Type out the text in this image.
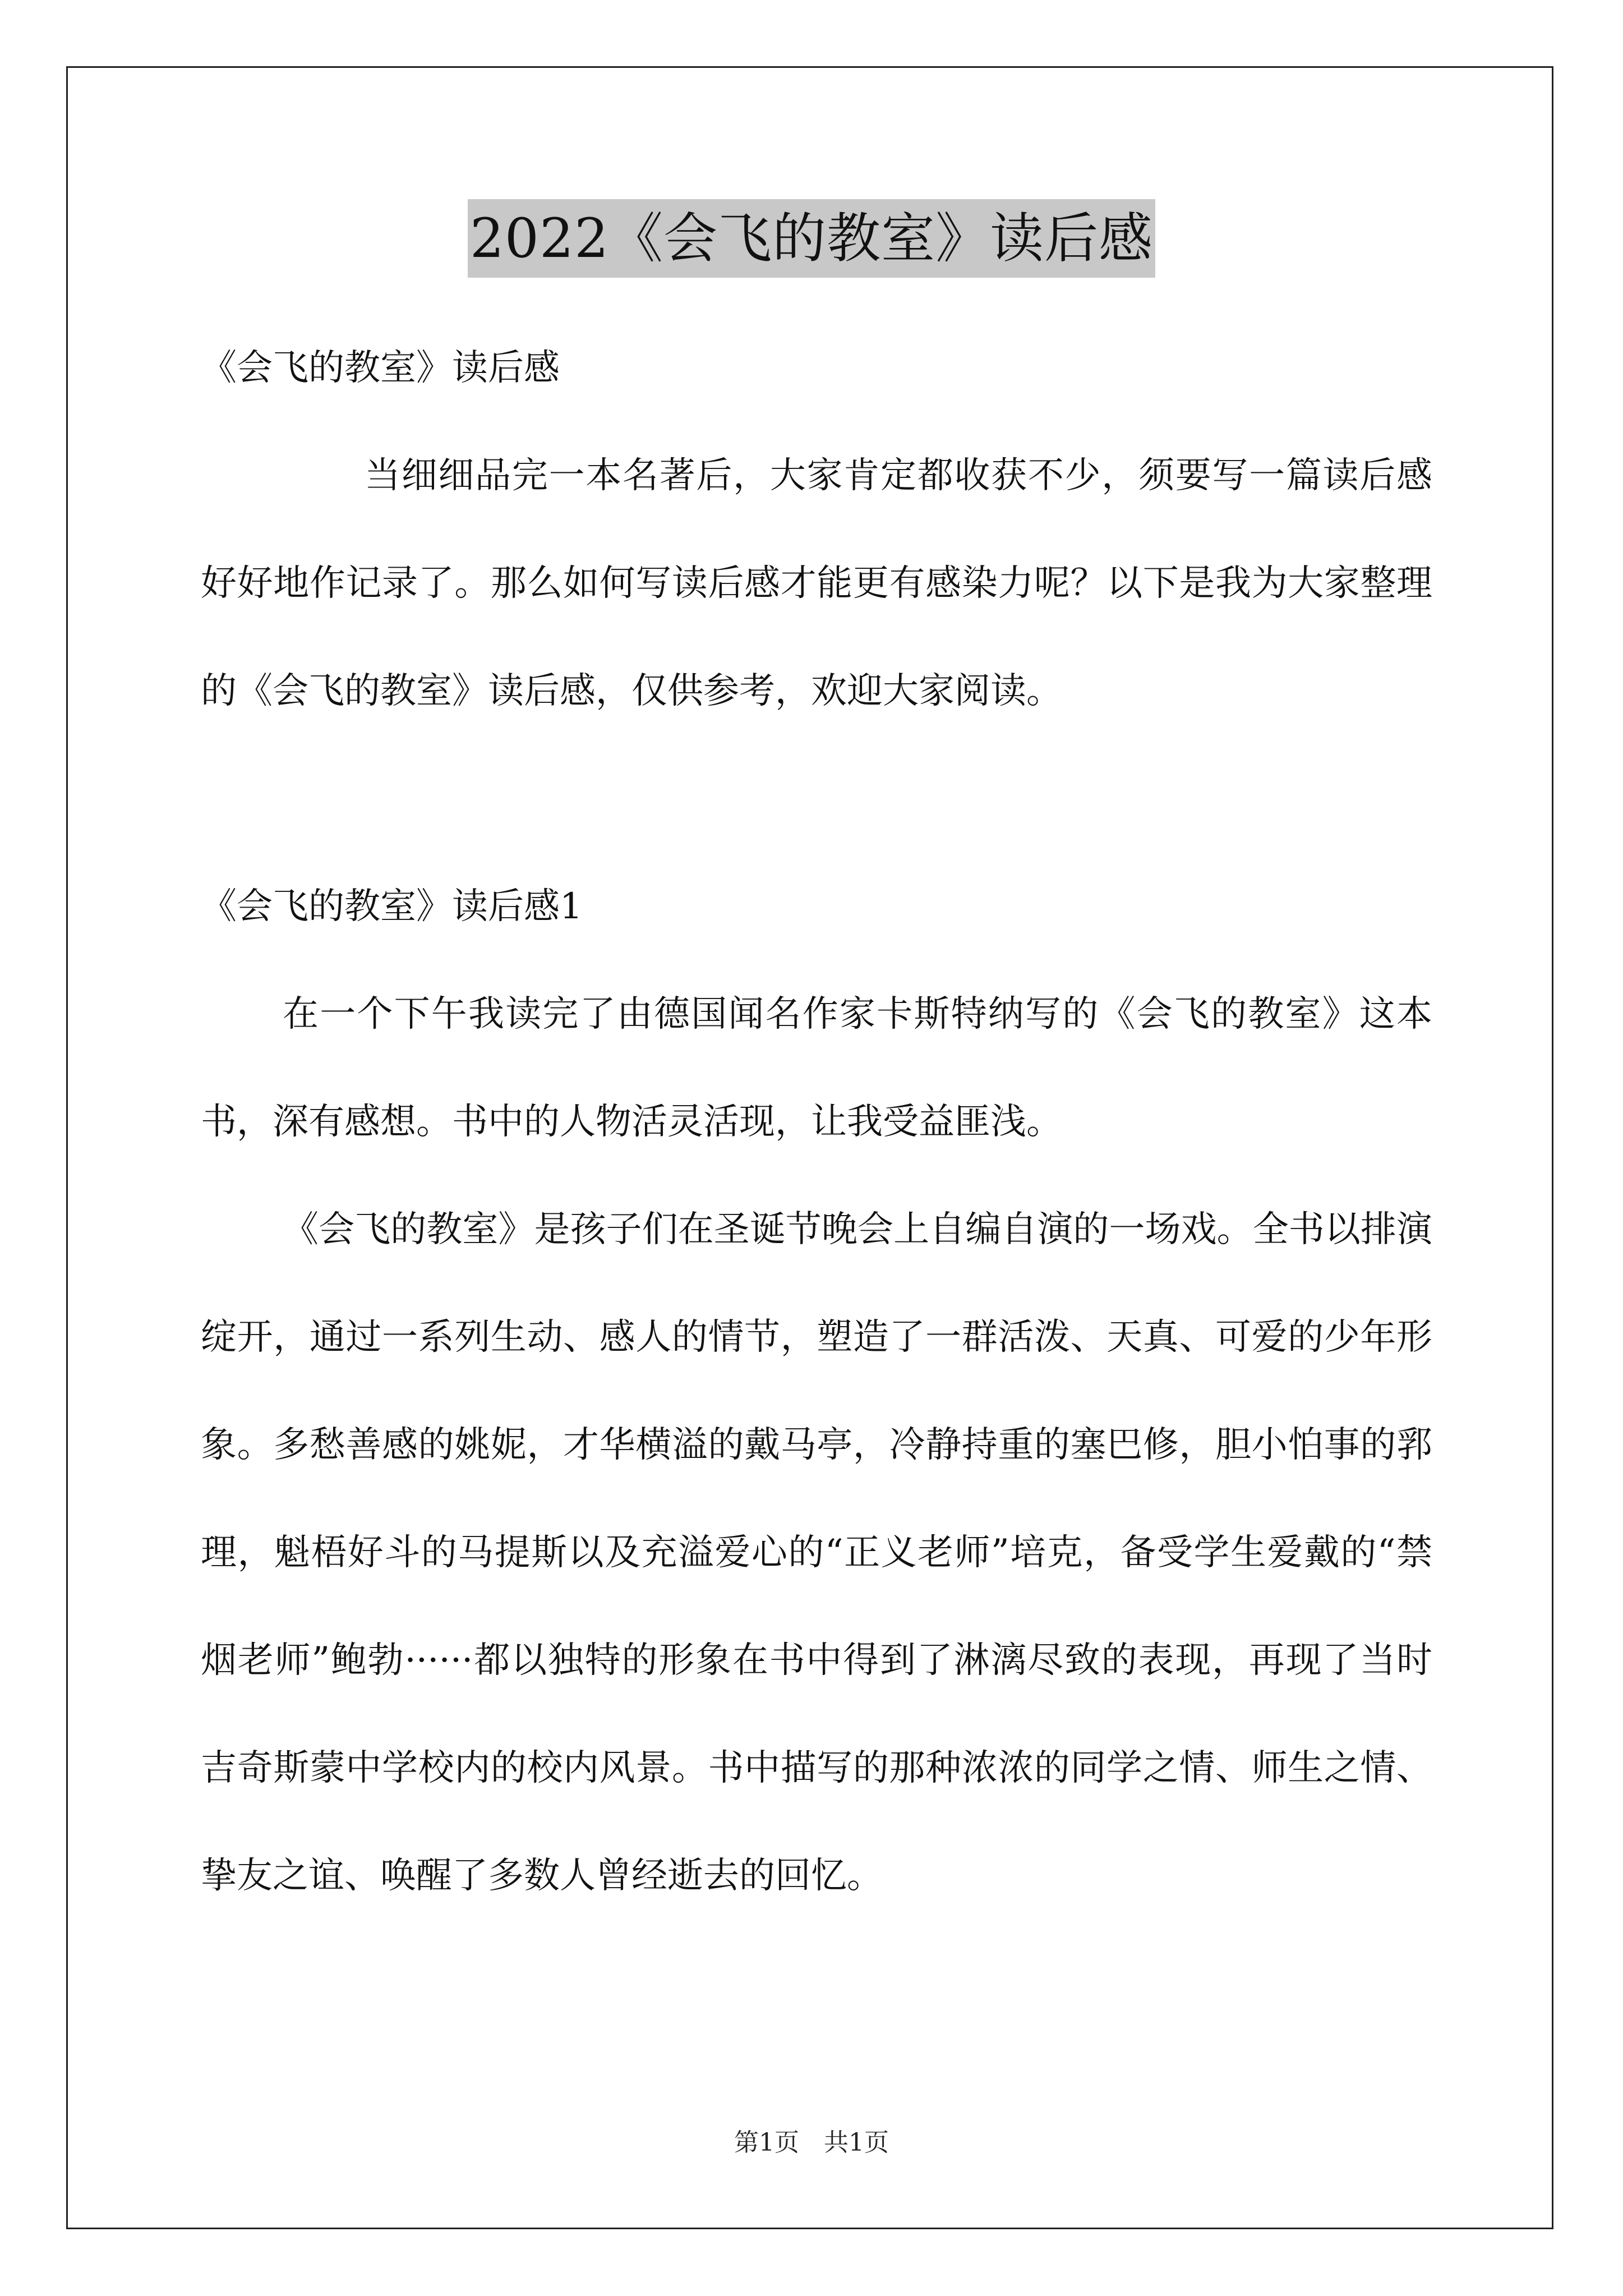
2022《会飞的教室》读后感

《会飞的教室》读后感

当细细品完一本名著后，大家肯定都收获不少，须要写一篇读后感好好地作记录了。那么如何写读后感才能更有感染力呢？以下是我为大家整理的《会飞的教室》读后感，仅供参考，欢迎大家阅读。

《会飞的教室》读后感1

在一个下午我读完了由德国闻名作家卡斯特纳写的《会飞的教室》这本书，深有感想。书中的人物活灵活现，让我受益匪浅。

《会飞的教室》是孩子们在圣诞节晚会上自编自演的一场戏。全书以排演绽开，通过一系列生动、感人的情节，塑造了一群活泼、天真、可爱的少年形象。多愁善感的姚妮，才华横溢的戴马亭，冷静持重的塞巴修，胆小怕事的郛理，魁梧好斗的马提斯以及充溢爱心的“正义老师”培克，备受学生爱戴的“禁烟老师”鲍勃······都以独特的形象在书中得到了淋漓尽致的表现，再现了当时吉奇斯蒙中学校内的校内风景。书中描写的那种浓浓的同学之情、师生之情、挚友之谊、唤醒了多数人曾经逝去的回忆。

第1页 共1页
